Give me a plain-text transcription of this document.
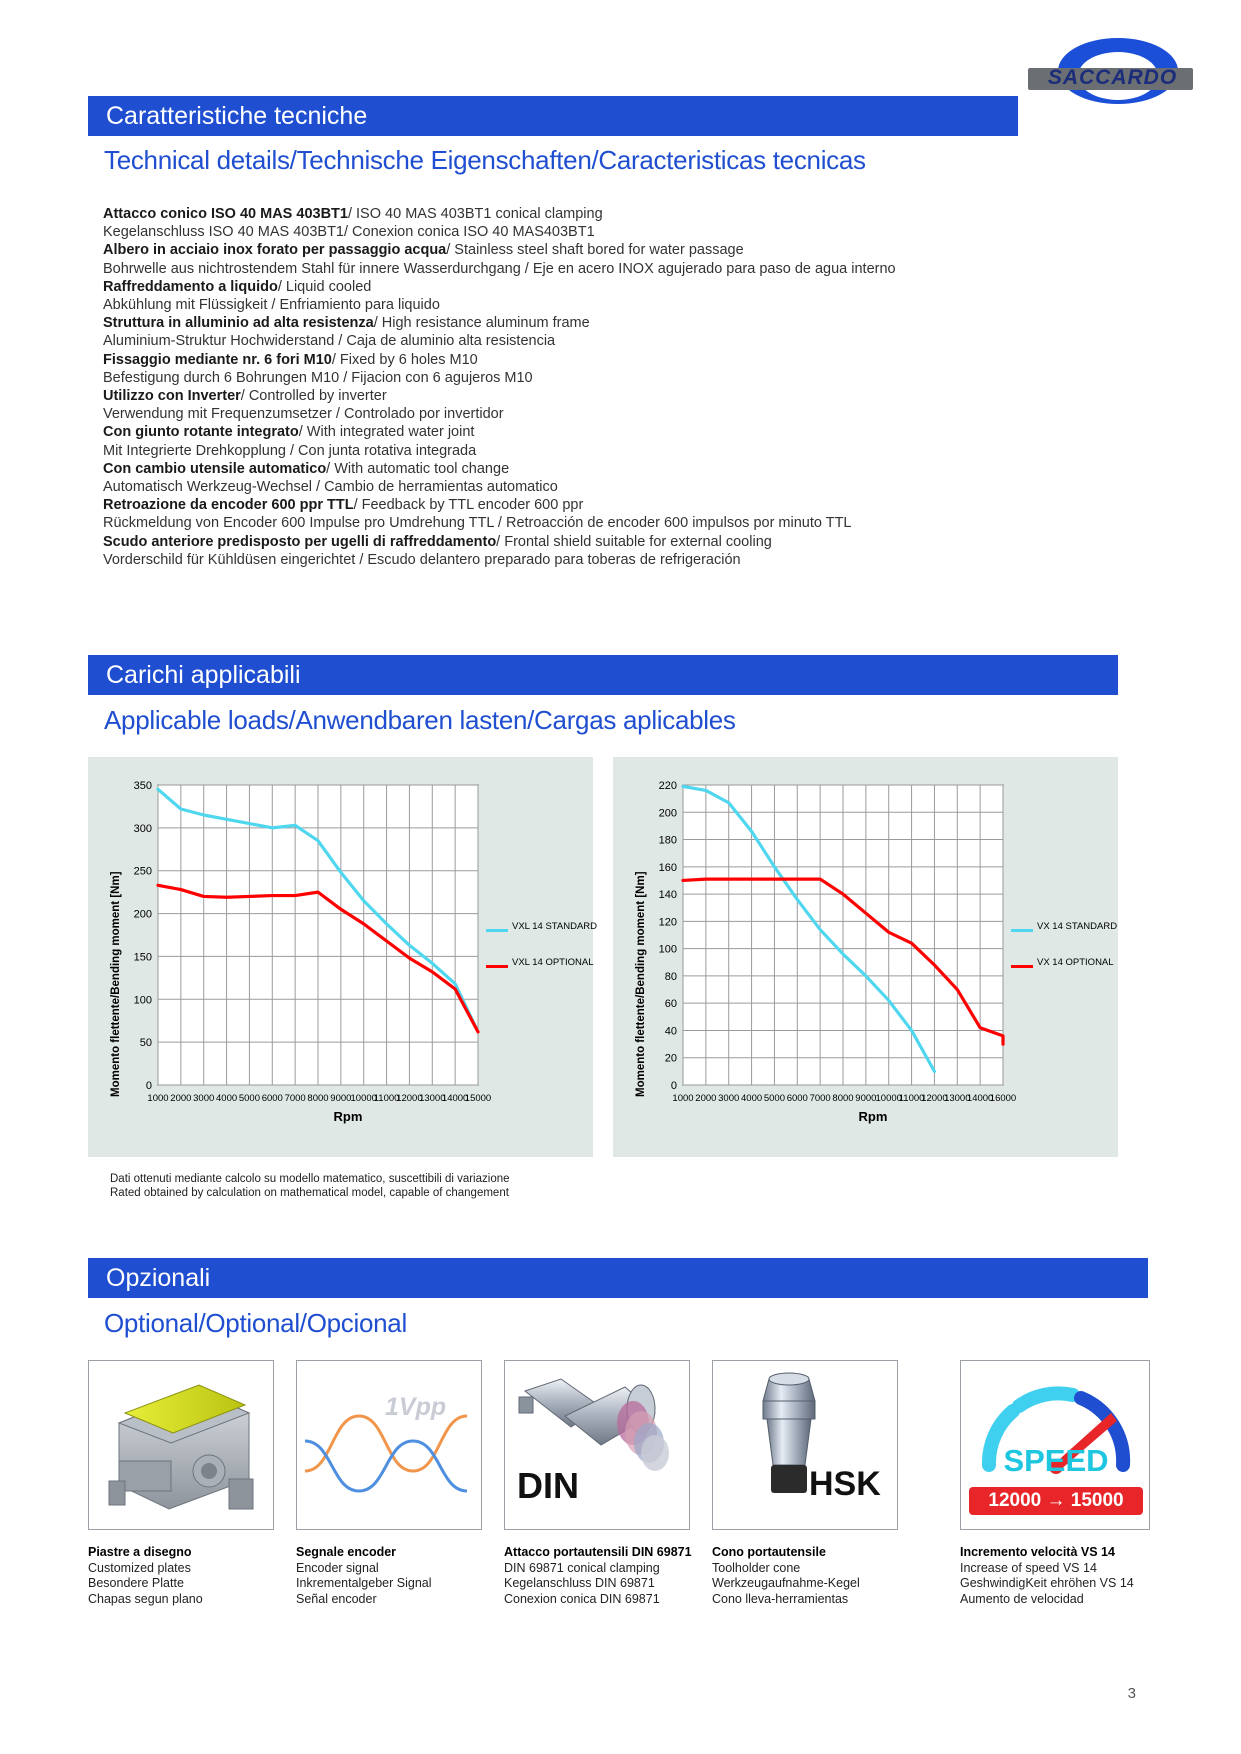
SACCARDO
Caratteristiche tecniche
Technical details/Technische Eigenschaften/Caracteristicas tecnicas
Attacco conico ISO 40 MAS 403BT1/ ISO 40 MAS 403BT1 conical clamping
Kegelanschluss ISO 40 MAS 403BT1/ Conexion conica ISO 40 MAS403BT1
Albero in acciaio inox forato per passaggio acqua/ Stainless steel shaft bored for water passage
Bohrwelle aus nichtrostendem Stahl für innere Wasserdurchgang / Eje en acero INOX agujerado para paso de agua interno
Raffreddamento a liquido/ Liquid cooled
Abkühlung mit Flüssigkeit / Enfriamiento para liquido
Struttura in alluminio ad alta resistenza/ High resistance aluminum frame
Aluminium-Struktur Hochwiderstand / Caja de aluminio alta resistencia
Fissaggio mediante nr. 6 fori M10/ Fixed by 6 holes M10
Befestigung durch 6 Bohrungen M10 / Fijacion con 6 agujeros M10
Utilizzo con Inverter/ Controlled by inverter
Verwendung mit Frequenzumsetzer / Controlado por invertidor
Con giunto rotante integrato/ With integrated water joint
Mit Integrierte Drehkopplung / Con junta rotativa integrada
Con cambio utensile automatico/ With automatic tool change
Automatisch Werkzeug-Wechsel / Cambio de herramientas automatico
Retroazione da encoder 600 ppr TTL/ Feedback by TTL encoder 600 ppr
Rückmeldung von Encoder 600 Impulse pro Umdrehung TTL / Retroacción de encoder 600 impulsos por minuto TTL
Scudo anteriore predisposto per ugelli di raffreddamento/ Frontal shield suitable for external cooling
Vorderschild für Kühldüsen eingerichtet / Escudo delantero preparado para toberas de refrigeración
Carichi applicabili
Applicable loads/Anwendbaren lasten/Cargas aplicables
Momento flettente/Bending moment [Nm] 0
50
100
150
200
250
300
350
1000 2000 3000 4000 5000 6000 7000 8000 9000 10000
11000
12000
13000
14000
15000
Rpm
VXL 14 STANDARD
VXL 14 OPTIONAL	Momento flettente/Bending moment [Nm] 0
20
40
60
80
100
120
140
160
180
200
220
1000 2000 3000 4000 5000 6000 7000 8000 9000 10000
11000
12000
13000
14000
16000
Rpm
VX 14 STANDARD
VX 14 OPTIONAL
Dati ottenuti mediante calcolo su modello matematico, suscettibili di variazione
Rated obtained by calculation on mathematical model, capable of changement
Opzionali
Optional/Optional/Opcional
Piastre a disegno
Customized plates
Besondere Platte
Chapas segun plano
1Vpp
Segnale encoder
Encoder signal
Inkrementalgeber Signal
Señal encoder
DIN
Attacco portautensili DIN 69871
DIN 69871 conical clamping
Kegelanschluss DIN 69871
Conexion conica DIN 69871
HSK
Cono portautensile
Toolholder cone
Werkzeugaufnahme-Kegel
Cono lleva-herramientas
SPEED
12000 → 15000
Incremento velocità VS 14
Increase of speed VS 14
GeshwindigKeit ehröhen VS 14
Aumento de velocidad
3
